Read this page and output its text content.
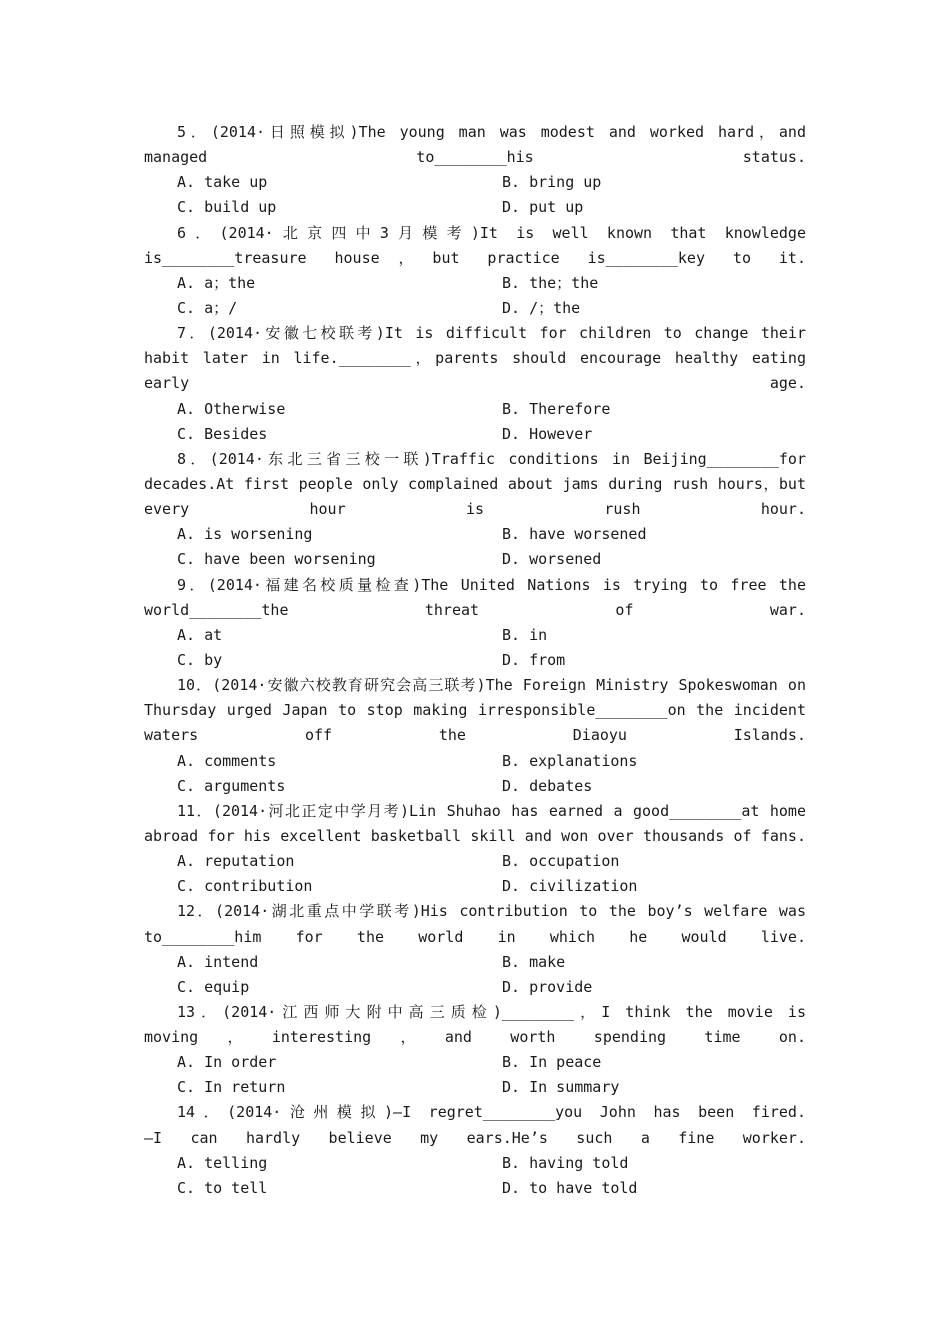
5．(2014·日照模拟)The young man was modest and worked hard，and
managed to________his status.
A. take up	B. bring up
C. build up	D. put up
6．(2014·北京四中3月模考)It is well known that knowledge
is________treasure house，but practice is________key to it.
A. a；the	B. the；the
C. a；/	D. /；the
7．(2014·安徽七校联考)It is difficult for children to change their
habit later in life.________，parents should encourage healthy eating
early age.
A. Otherwise	B. Therefore
C. Besides	D. However
8．(2014·东北三省三校一联)Traffic conditions in Beijing________for
decades.At first people only complained about jams during rush hours，but
every hour is rush hour.
A. is worsening	B. have worsened
C. have been worsening	D. worsened
9．(2014·福建名校质量检查)The United Nations is trying to free the
world________the threat of war.
A. at	B. in
C. by	D. from
10．(2014·安徽六校教育研究会高三联考)The Foreign Ministry Spokeswoman on
Thursday urged Japan to stop making irresponsible________on the incident
waters off the Diaoyu Islands.
A. comments	B. explanations
C. arguments	D. debates
11．(2014·河北正定中学月考)Lin Shuhao has earned a good________at home
abroad for his excellent basketball skill and won over thousands of fans.
A. reputation	B. occupation
C. contribution	D. civilization
12．(2014·湖北重点中学联考)His contribution to the boy’s welfare was
to________him for the world in which he would live.
A. intend	B. make
C. equip	D. provide
13．(2014·江西师大附中高三质检)________，I think the movie is
moving，interesting，and worth spending time on.
A. In order	B. In peace
C. In return	D. In summary
14．(2014·沧州模拟)—I regret________you John has been fired.
—I can hardly believe my ears.He’s such a fine worker.
A. telling	B. having told
C. to tell	D. to have told
